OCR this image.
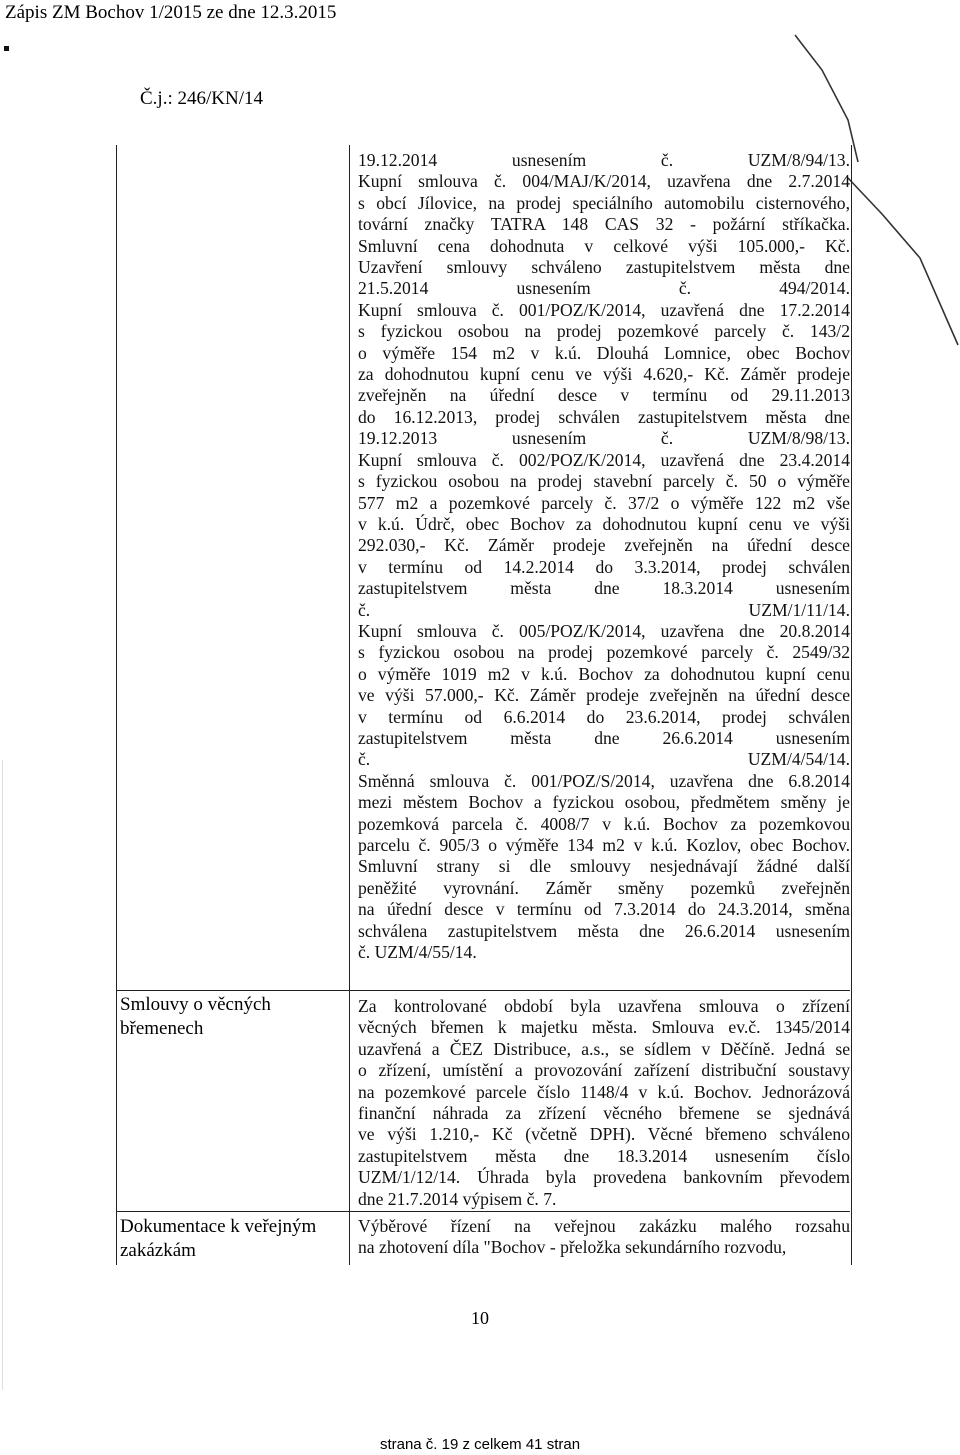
Zápis ZM Bochov 1/2015 ze dne 12.3.2015
Č.j.: 246/KN/14
19.12.2014 usnesením č. UZM/8/94/13.
Kupní smlouva č. 004/MAJ/K/2014, uzavřena dne 2.7.2014
s obcí Jílovice, na prodej speciálního automobilu cisternového,
tovární značky TATRA 148 CAS 32 - požární stříkačka.
Smluvní cena dohodnuta v celkové výši 105.000,- Kč.
Uzavření smlouvy schváleno zastupitelstvem města dne
21.5.2014 usnesením č. 494/2014.
Kupní smlouva č. 001/POZ/K/2014, uzavřená dne 17.2.2014
s fyzickou osobou na prodej pozemkové parcely č. 143/2
o výměře 154 m2 v k.ú. Dlouhá Lomnice, obec Bochov
za dohodnutou kupní cenu ve výši 4.620,- Kč. Záměr prodeje
zveřejněn na úřední desce v termínu od 29.11.2013
do 16.12.2013, prodej schválen zastupitelstvem města dne
19.12.2013 usnesením č. UZM/8/98/13.
Kupní smlouva č. 002/POZ/K/2014, uzavřená dne 23.4.2014
s fyzickou osobou na prodej stavební parcely č. 50 o výměře
577 m2 a pozemkové parcely č. 37/2 o výměře 122 m2 vše
v k.ú. Údrč, obec Bochov za dohodnutou kupní cenu ve výši
292.030,- Kč. Záměr prodeje zveřejněn na úřední desce
v termínu od 14.2.2014 do 3.3.2014, prodej schválen
zastupitelstvem města dne 18.3.2014 usnesením
č. UZM/1/11/14.
Kupní smlouva č. 005/POZ/K/2014, uzavřena dne 20.8.2014
s fyzickou osobou na prodej pozemkové parcely č. 2549/32
o výměře 1019 m2 v k.ú. Bochov za dohodnutou kupní cenu
ve výši 57.000,- Kč. Záměr prodeje zveřejněn na úřední desce
v termínu od 6.6.2014 do 23.6.2014, prodej schválen
zastupitelstvem města dne 26.6.2014 usnesením
č. UZM/4/54/14.
Směnná smlouva č. 001/POZ/S/2014, uzavřena dne 6.8.2014
mezi městem Bochov a fyzickou osobou, předmětem směny je
pozemková parcela č. 4008/7 v k.ú. Bochov za pozemkovou
parcelu č. 905/3 o výměře 134 m2 v k.ú. Kozlov, obec Bochov.
Smluvní strany si dle smlouvy nesjednávají žádné další
peněžité vyrovnání. Záměr směny pozemků zveřejněn
na úřední desce v termínu od 7.3.2014 do 24.3.2014, směna
schválena zastupitelstvem města dne 26.6.2014 usnesením
č. UZM/4/55/14.
Smlouvy o věcných břemenech
Za kontrolované období byla uzavřena smlouva o zřízení
věcných břemen k majetku města. Smlouva ev.č. 1345/2014
uzavřená a ČEZ Distribuce, a.s., se sídlem v Děčíně. Jedná se
o zřízení, umístění a provozování zařízení distribuční soustavy
na pozemkové parcele číslo 1148/4 v k.ú. Bochov. Jednorázová
finanční náhrada za zřízení věcného břemene se sjednává
ve výši 1.210,- Kč (včetně DPH). Věcné břemeno schváleno
zastupitelstvem města dne 18.3.2014 usnesením číslo
UZM/1/12/14. Úhrada byla provedena bankovním převodem
dne 21.7.2014 výpisem č. 7.
Dokumentace k veřejným zakázkám
Výběrové řízení na veřejnou zakázku malého rozsahu
na zhotovení díla "Bochov - přeložka sekundárního rozvodu,
10
strana č. 19 z celkem 41 stran
